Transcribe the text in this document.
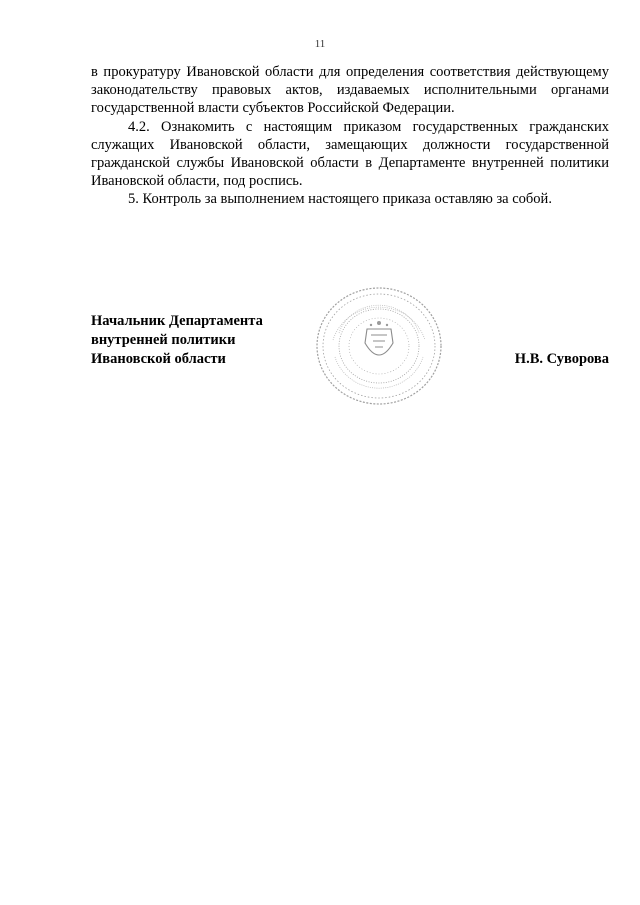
11

в прокуратуру Ивановской области для определения соответствия действующему законодательству правовых актов, издаваемых исполнительными органами государственной власти субъектов Российской Федерации.

4.2. Ознакомить с настоящим приказом государственных гражданских служащих Ивановской области, замещающих должности государственной гражданской службы Ивановской области в Департаменте внутренней политики Ивановской области, под роспись.

5. Контроль за выполнением настоящего приказа оставляю за собой.

Начальник Департамента
внутренней политики
Ивановской области	Н.В. Суворова
